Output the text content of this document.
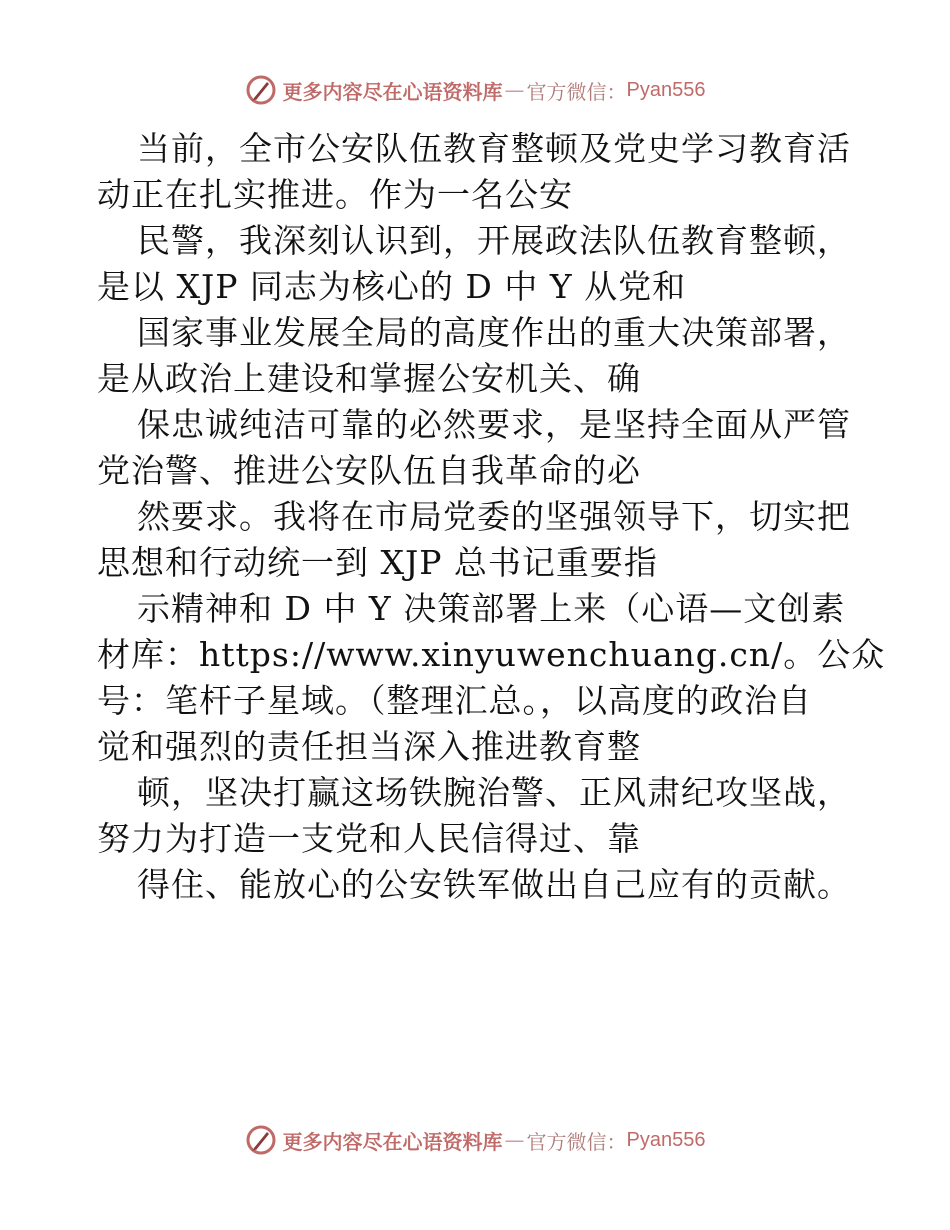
更多内容尽在心语资料库 — 官方微信： Pyan556
当前，全市公安队伍教育整顿及党史学习教育活
动正在扎实推进。作为一名公安
民警，我深刻认识到，开展政法队伍教育整顿，
是以 XJP 同志为核心的 D 中 Y 从党和
国家事业发展全局的高度作出的重大决策部署，
是从政治上建设和掌握公安机关、确
保忠诚纯洁可靠的必然要求，是坚持全面从严管
党治警、推进公安队伍自我革命的必
然要求。我将在市局党委的坚强领导下，切实把
思想和行动统一到 XJP 总书记重要指
示精神和 D 中 Y 决策部署上来（心语—文创素
材库：https://www.xinyuwenchuang.cn/。公众
号：笔杆子星域。（整理汇总。，以高度的政治自
觉和强烈的责任担当深入推进教育整
顿，坚决打赢这场铁腕治警、正风肃纪攻坚战，
努力为打造一支党和人民信得过、靠
得住、能放心的公安铁军做出自己应有的贡献。
更多内容尽在心语资料库 — 官方微信： Pyan556
